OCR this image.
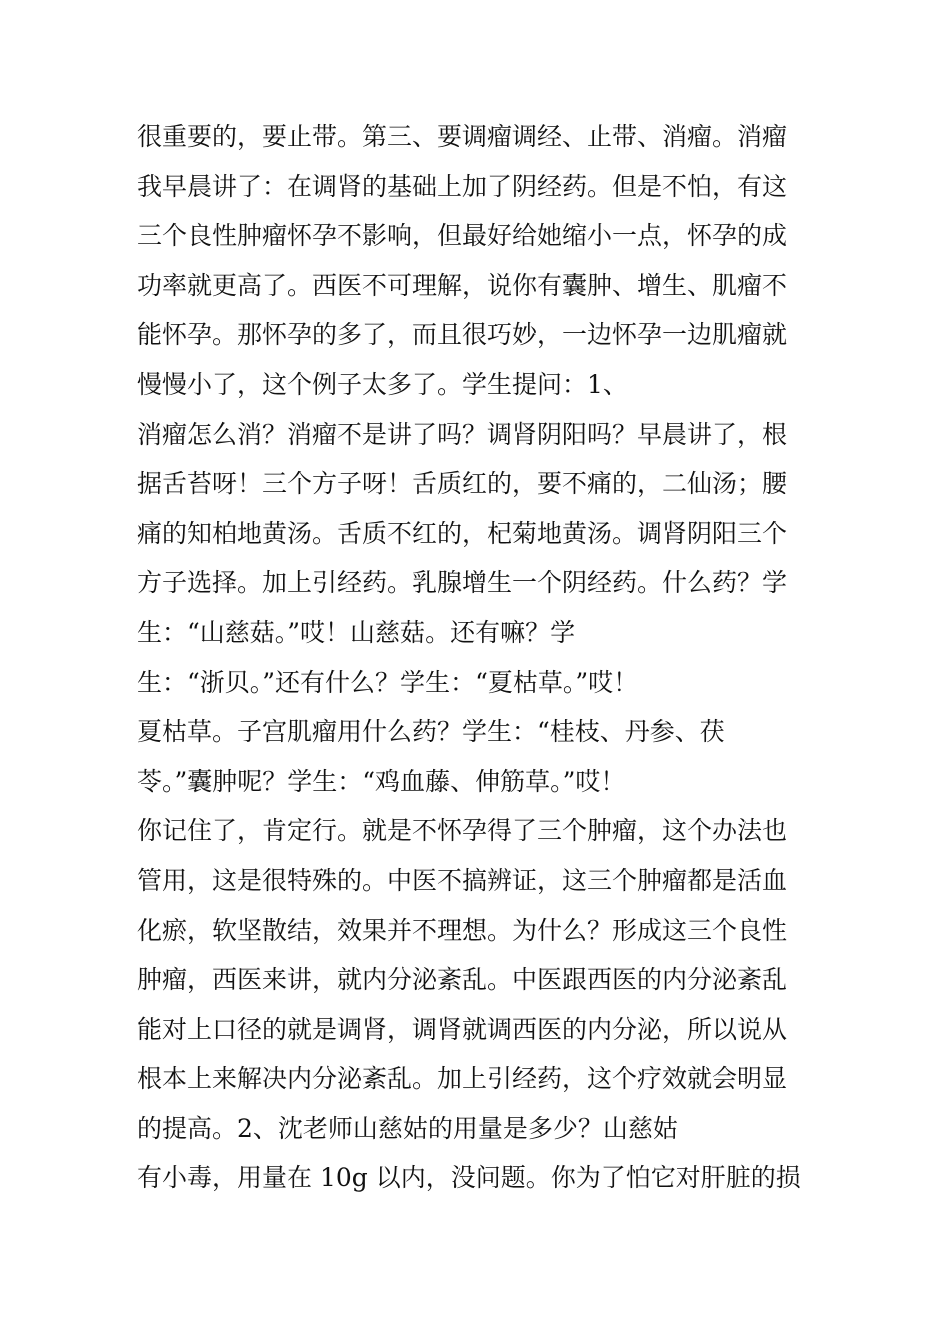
很重要的，要止带。第三、要调瘤调经、止带、消瘤。消瘤
我早晨讲了：在调肾的基础上加了阴经药。但是不怕，有这
三个良性肿瘤怀孕不影响，但最好给她缩小一点，怀孕的成
功率就更高了。西医不可理解，说你有囊肿、增生、肌瘤不
能怀孕。那怀孕的多了，而且很巧妙，一边怀孕一边肌瘤就
慢慢小了，这个例子太多了。学生提问：1、
消瘤怎么消？消瘤不是讲了吗？调肾阴阳吗？早晨讲了，根
据舌苔呀！三个方子呀！舌质红的，要不痛的，二仙汤；腰
痛的知柏地黄汤。舌质不红的，杞菊地黄汤。调肾阴阳三个
方子选择。加上引经药。乳腺增生一个阴经药。什么药？学
生：“山慈菇。”哎！山慈菇。还有嘛？学
生：“浙贝。”还有什么？学生：“夏枯草。”哎！
夏枯草。子宫肌瘤用什么药？学生：“桂枝、丹参、茯
苓。”囊肿呢？学生：“鸡血藤、伸筋草。”哎！
你记住了，肯定行。就是不怀孕得了三个肿瘤，这个办法也
管用，这是很特殊的。中医不搞辨证，这三个肿瘤都是活血
化瘀，软坚散结，效果并不理想。为什么？形成这三个良性
肿瘤，西医来讲，就内分泌紊乱。中医跟西医的内分泌紊乱
能对上口径的就是调肾，调肾就调西医的内分泌，所以说从
根本上来解决内分泌紊乱。加上引经药，这个疗效就会明显
的提高。2、沈老师山慈姑的用量是多少？山慈姑
有小毒，用量在 10g 以内，没问题。你为了怕它对肝脏的损
